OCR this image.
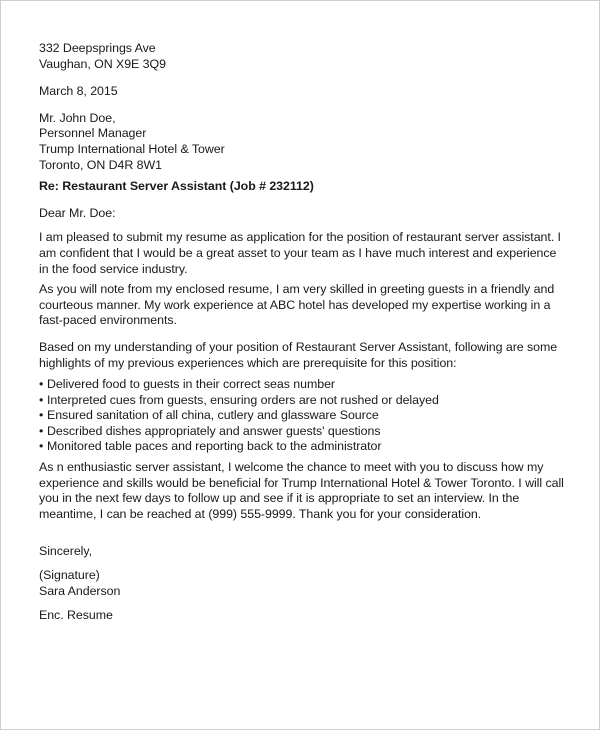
332 Deepsprings Ave
Vaughan, ON X9E 3Q9
March 8, 2015
Mr. John Doe,
Personnel Manager
Trump International Hotel & Tower
Toronto, ON D4R 8W1
Re: Restaurant Server Assistant (Job # 232112)
Dear Mr. Doe:
I am pleased to submit my resume as application for the position of restaurant server assistant. I
am confident that I would be a great asset to your team as I have much interest and experience
in the food service industry.
As you will note from my enclosed resume, I am very skilled in greeting guests in a friendly and
courteous manner. My work experience at ABC hotel has developed my expertise working in a
fast-paced environments.
Based on my understanding of your position of Restaurant Server Assistant, following are some
highlights of my previous experiences which are prerequisite for this position:
• Delivered food to guests in their correct seas number
• Interpreted cues from guests, ensuring orders are not rushed or delayed
• Ensured sanitation of all china, cutlery and glassware Source
• Described dishes appropriately and answer guests' questions
• Monitored table paces and reporting back to the administrator
As n enthusiastic server assistant, I welcome the chance to meet with you to discuss how my
experience and skills would be beneficial for Trump International Hotel & Tower Toronto. I will call
you in the next few days to follow up and see if it is appropriate to set an interview. In the
meantime, I can be reached at (999) 555-9999. Thank you for your consideration.
Sincerely,
(Signature)
Sara Anderson
Enc. Resume
